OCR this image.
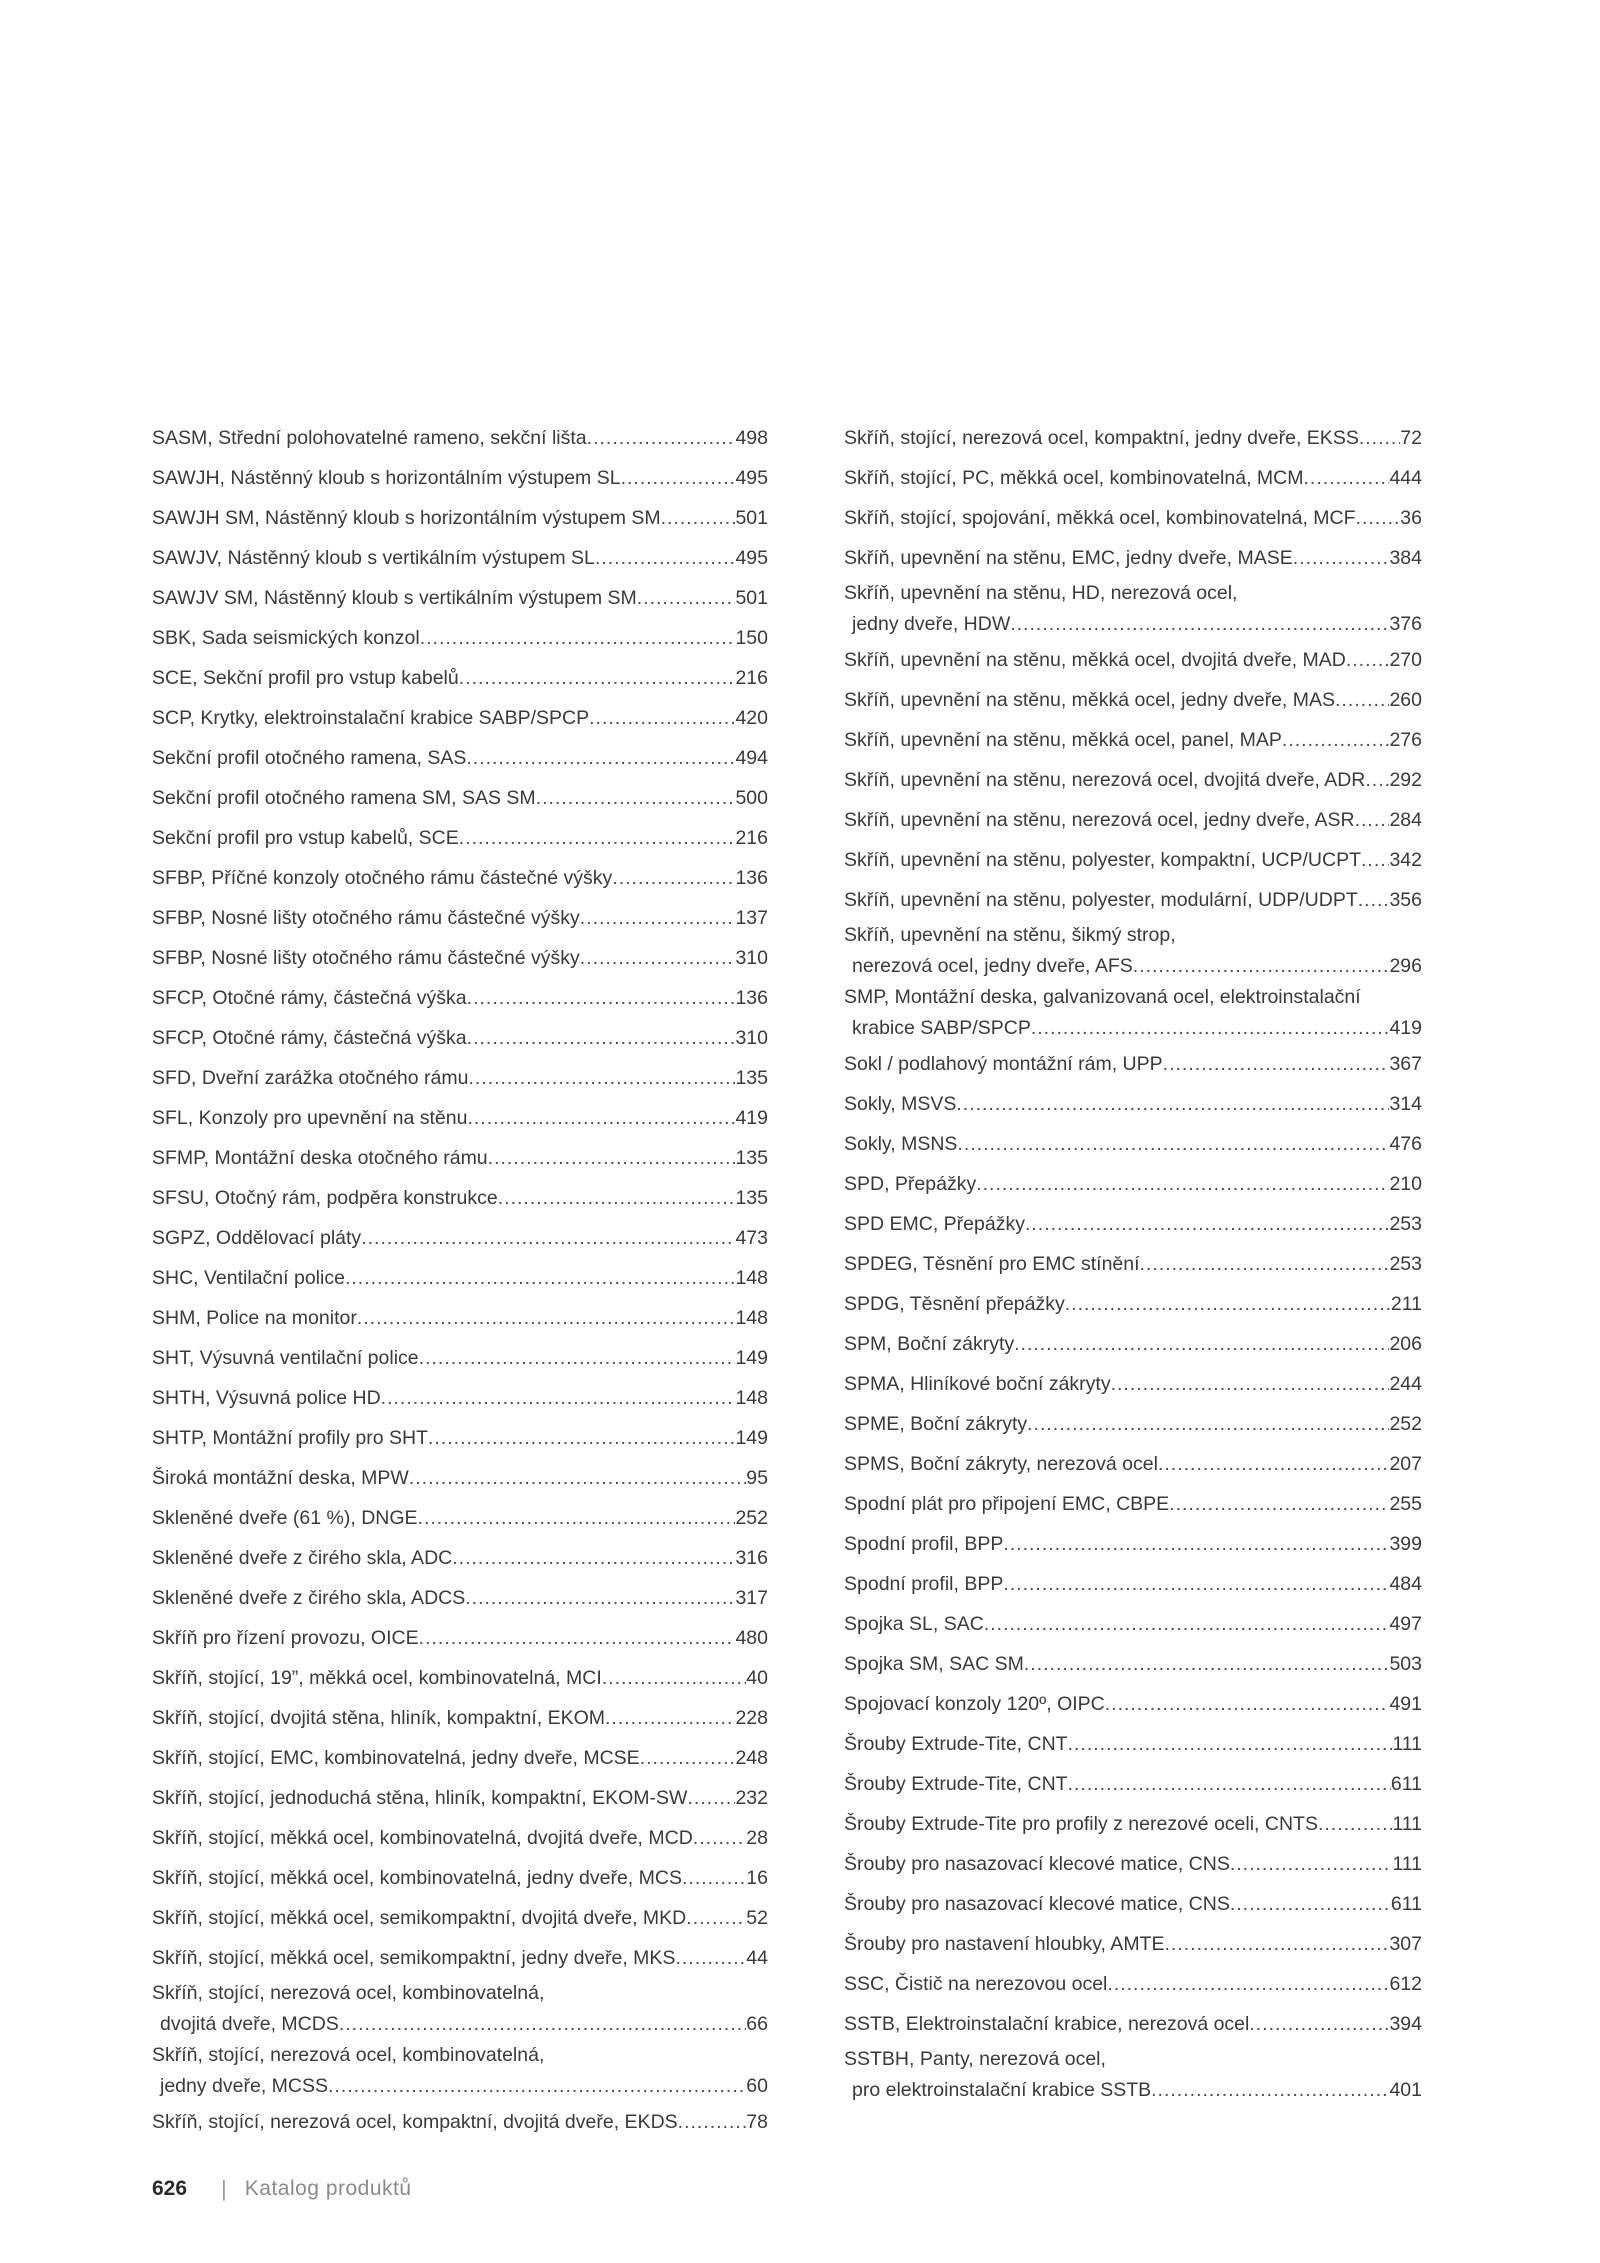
SASM, Střední polohovatelné rameno, sekční lišta .....	498
SAWJH, Nástěnný kloub s horizontálním výstupem SL .....	495
SAWJH SM, Nástěnný kloub s horizontálním výstupem SM .....	501
SAWJV, Nástěnný kloub s vertikálním výstupem SL .....	495
SAWJV SM, Nástěnný kloub s vertikálním výstupem SM .....	501
SBK, Sada seismických konzol .....	150
SCE, Sekční profil pro vstup kabelů .....	216
SCP, Krytky, elektroinstalační krabice SABP/SPCP .....	420
Sekční profil otočného ramena, SAS .....	494
Sekční profil otočného ramena SM, SAS SM .....	500
Sekční profil pro vstup kabelů, SCE .....	216
SFBP, Příčné konzoly otočného rámu částečné výšky .....	136
SFBP, Nosné lišty otočného rámu částečné výšky .....	137
SFBP, Nosné lišty otočného rámu částečné výšky .....	310
SFCP, Otočné rámy, částečná výška .....	136
SFCP, Otočné rámy, částečná výška .....	310
SFD, Dveřní zarážka otočného rámu .....	135
SFL, Konzoly pro upevnění na stěnu .....	419
SFMP, Montážní deska otočného rámu .....	135
SFSU, Otočný rám, podpěra konstrukce .....	135
SGPZ, Oddělovací pláty .....	473
SHC, Ventilační police .....	148
SHM, Police na monitor .....	148
SHT, Výsuvná ventilační police .....	149
SHTH, Výsuvná police HD .....	148
SHTP, Montážní profily pro SHT .....	149
Široká montážní deska, MPW .....	95
Skleněné dveře (61 %), DNGE .....	252
Skleněné dveře z čirého skla, ADC .....	316
Skleněné dveře z čirého skla, ADCS .....	317
Skříň pro řízení provozu, OICE .....	480
Skříň, stojící, 19”, měkká ocel, kombinovatelná, MCI .....	40
Skříň, stojící, dvojitá stěna, hliník, kompaktní, EKOM .....	228
Skříň, stojící, EMC, kombinovatelná, jedny dveře, MCSE .....	248
Skříň, stojící, jednoduchá stěna, hliník, kompaktní, EKOM-SW ..... 232
Skříň, stojící, měkká ocel, kombinovatelná, dvojitá dveře, MCD .....	28
Skříň, stojící, měkká ocel, kombinovatelná, jedny dveře, MCS .....	16
Skříň, stojící, měkká ocel, semikompaktní, dvojitá dveře, MKD .....	52
Skříň, stojící, měkká ocel, semikompaktní, jedny dveře, MKS .....	44
Skříň, stojící, nerezová ocel, kombinovatelná,
dvojitá dveře, MCDS .....	66
Skříň, stojící, nerezová ocel, kombinovatelná,
jedny dveře, MCSS .....	60
Skříň, stojící, nerezová ocel, kompaktní, dvojitá dveře, EKDS .....	78
Skříň, stojící, nerezová ocel, kompaktní, jedny dveře, EKSS ..... 72
Skříň, stojící, PC, měkká ocel, kombinovatelná, MCM .....	444
Skříň, stojící, spojování, měkká ocel, kombinovatelná, MCF ..... 36
Skříň, upevnění na stěnu, EMC, jedny dveře, MASE .....	384
Skříň, upevnění na stěnu, HD, nerezová ocel,
jedny dveře, HDW .....	376
Skříň, upevnění na stěnu, měkká ocel, dvojitá dveře, MAD ..... 270
Skříň, upevnění na stěnu, měkká ocel, jedny dveře, MAS .....	260
Skříň, upevnění na stěnu, měkká ocel, panel, MAP .....	276
Skříň, upevnění na stěnu, nerezová ocel, dvojitá dveře, ADR ..... 292
Skříň, upevnění na stěnu, nerezová ocel, jedny dveře, ASR ..... 284
Skříň, upevnění na stěnu, polyester, kompaktní, UCP/UCPT ..... 342
Skříň, upevnění na stěnu, polyester, modulární, UDP/UDPT ..... 356
Skříň, upevnění na stěnu, šikmý strop,
nerezová ocel, jedny dveře, AFS .....	296
SMP, Montážní deska, galvanizovaná ocel, elektroinstalační
krabice SABP/SPCP .....	419
Sokl / podlahový montážní rám, UPP .....	367
Sokly, MSVS .....	314
Sokly, MSNS .....	476
SPD, Přepážky .....	210
SPD EMC, Přepážky .....	253
SPDEG, Těsnění pro EMC stínění .....	253
SPDG, Těsnění přepážky .....	211
SPM, Boční zákryty .....	206
SPMA, Hliníkové boční zákryty .....	244
SPME, Boční zákryty .....	252
SPMS, Boční zákryty, nerezová ocel .....	207
Spodní plát pro připojení EMC, CBPE .....	255
Spodní profil, BPP .....	399
Spodní profil, BPP .....	484
Spojka SL, SAC .....	497
Spojka SM, SAC SM .....	503
Spojovací konzoly 120º, OIPC .....	491
Šrouby Extrude-Tite, CNT .....	111
Šrouby Extrude-Tite, CNT .....	611
Šrouby Extrude-Tite pro profily z nerezové oceli, CNTS .....	111
Šrouby pro nasazovací klecové matice, CNS .....	111
Šrouby pro nasazovací klecové matice, CNS .....	611
Šrouby pro nastavení hloubky, AMTE .....	307
SSC, Čistič na nerezovou ocel .....	612
SSTB, Elektroinstalační krabice, nerezová ocel .....	394
SSTBH, Panty, nerezová ocel,
pro elektroinstalační krabice SSTB .....	401
626 | Katalog produktů
